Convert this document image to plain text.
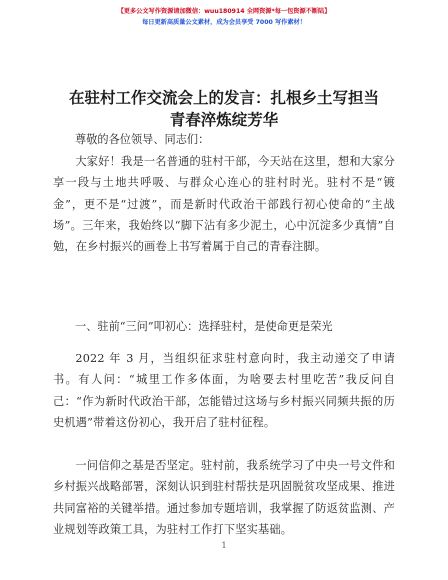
【更多公文写作资源请加微信：wuu180914 全网资源*每一包资源不断陆】
每日更新高质量公文素材，成为会员享受 7000 写作素材！
在驻村工作交流会上的发言：扎根乡土写担当
青春淬炼绽芳华
尊敬的各位领导、同志们：

大家好！我是一名普通的驻村干部，今天站在这里，想和大家分享一段与土地共呼吸、与群众心连心的驻村时光。驻村不是“镀金”，更不是“过渡”，而是新时代政治干部践行初心使命的“主战场”。三年来，我始终以“脚下沾有多少泥土，心中沉淀多少真情”自勉，在乡村振兴的画卷上书写着属于自己的青春注脚。

一、驻前“三问”叩初心：选择驻村，是使命更是荣光

2022 年 3 月，当组织征求驻村意向时，我主动递交了申请书。有人问：“城里工作多体面，为啥要去村里吃苦”我反问自己：“作为新时代政治干部，怎能错过这场与乡村振兴同频共振的历史机遇”带着这份初心，我开启了驻村征程。

一问信仰之基是否坚定。驻村前，我系统学习了中央一号文件和乡村振兴战略部署，深刻认识到驻村帮扶是巩固脱贫攻坚成果、推进共同富裕的关键举措。通过参加专题培训，我掌握了防返贫监测、产业规划等政策工具，为驻村工作打下坚实基础。

1
